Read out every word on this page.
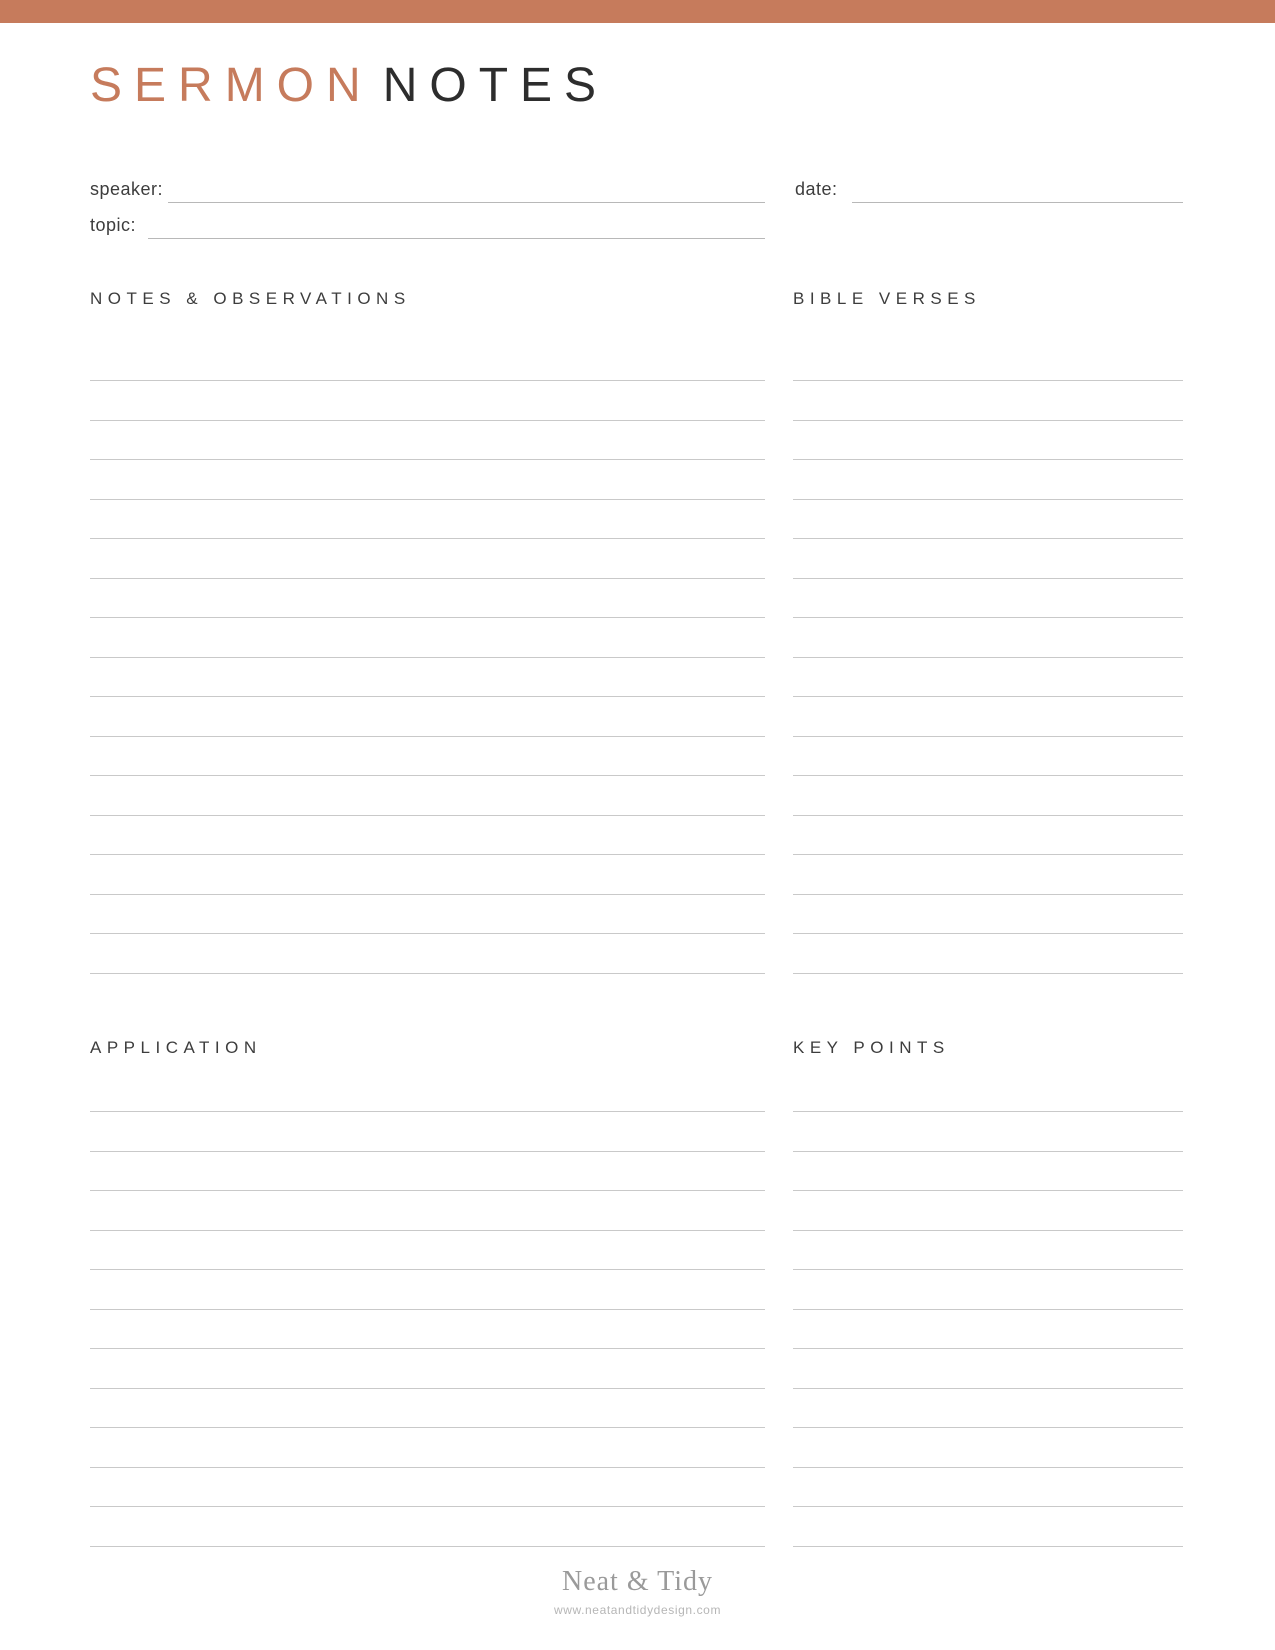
SERMON NOTES
speaker:	date:
topic:
NOTES & OBSERVATIONS	BIBLE VERSES
APPLICATION	KEY POINTS
Neat & Tidy
www.neatandtidydesign.com
